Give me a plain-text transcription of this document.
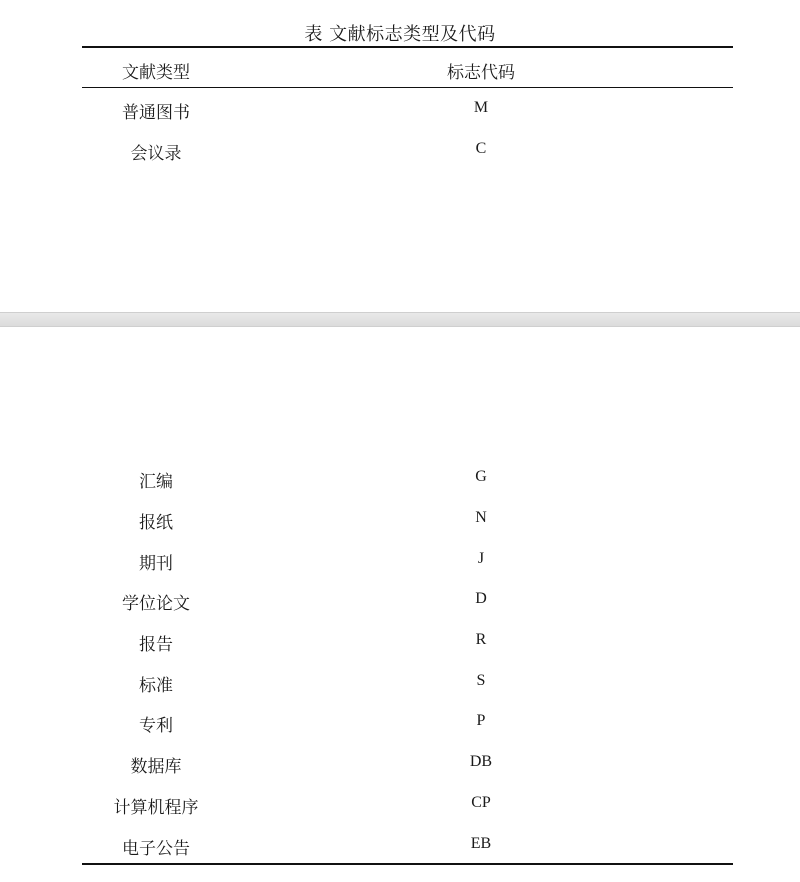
表 文献标志类型及代码
文献类型	标志代码
普通图书	M
会议录	C
汇编	G
报纸	N
期刊	J
学位论文	D
报告	R
标准	S
专利	P
数据库	DB
计算机程序	CP
电子公告	EB
